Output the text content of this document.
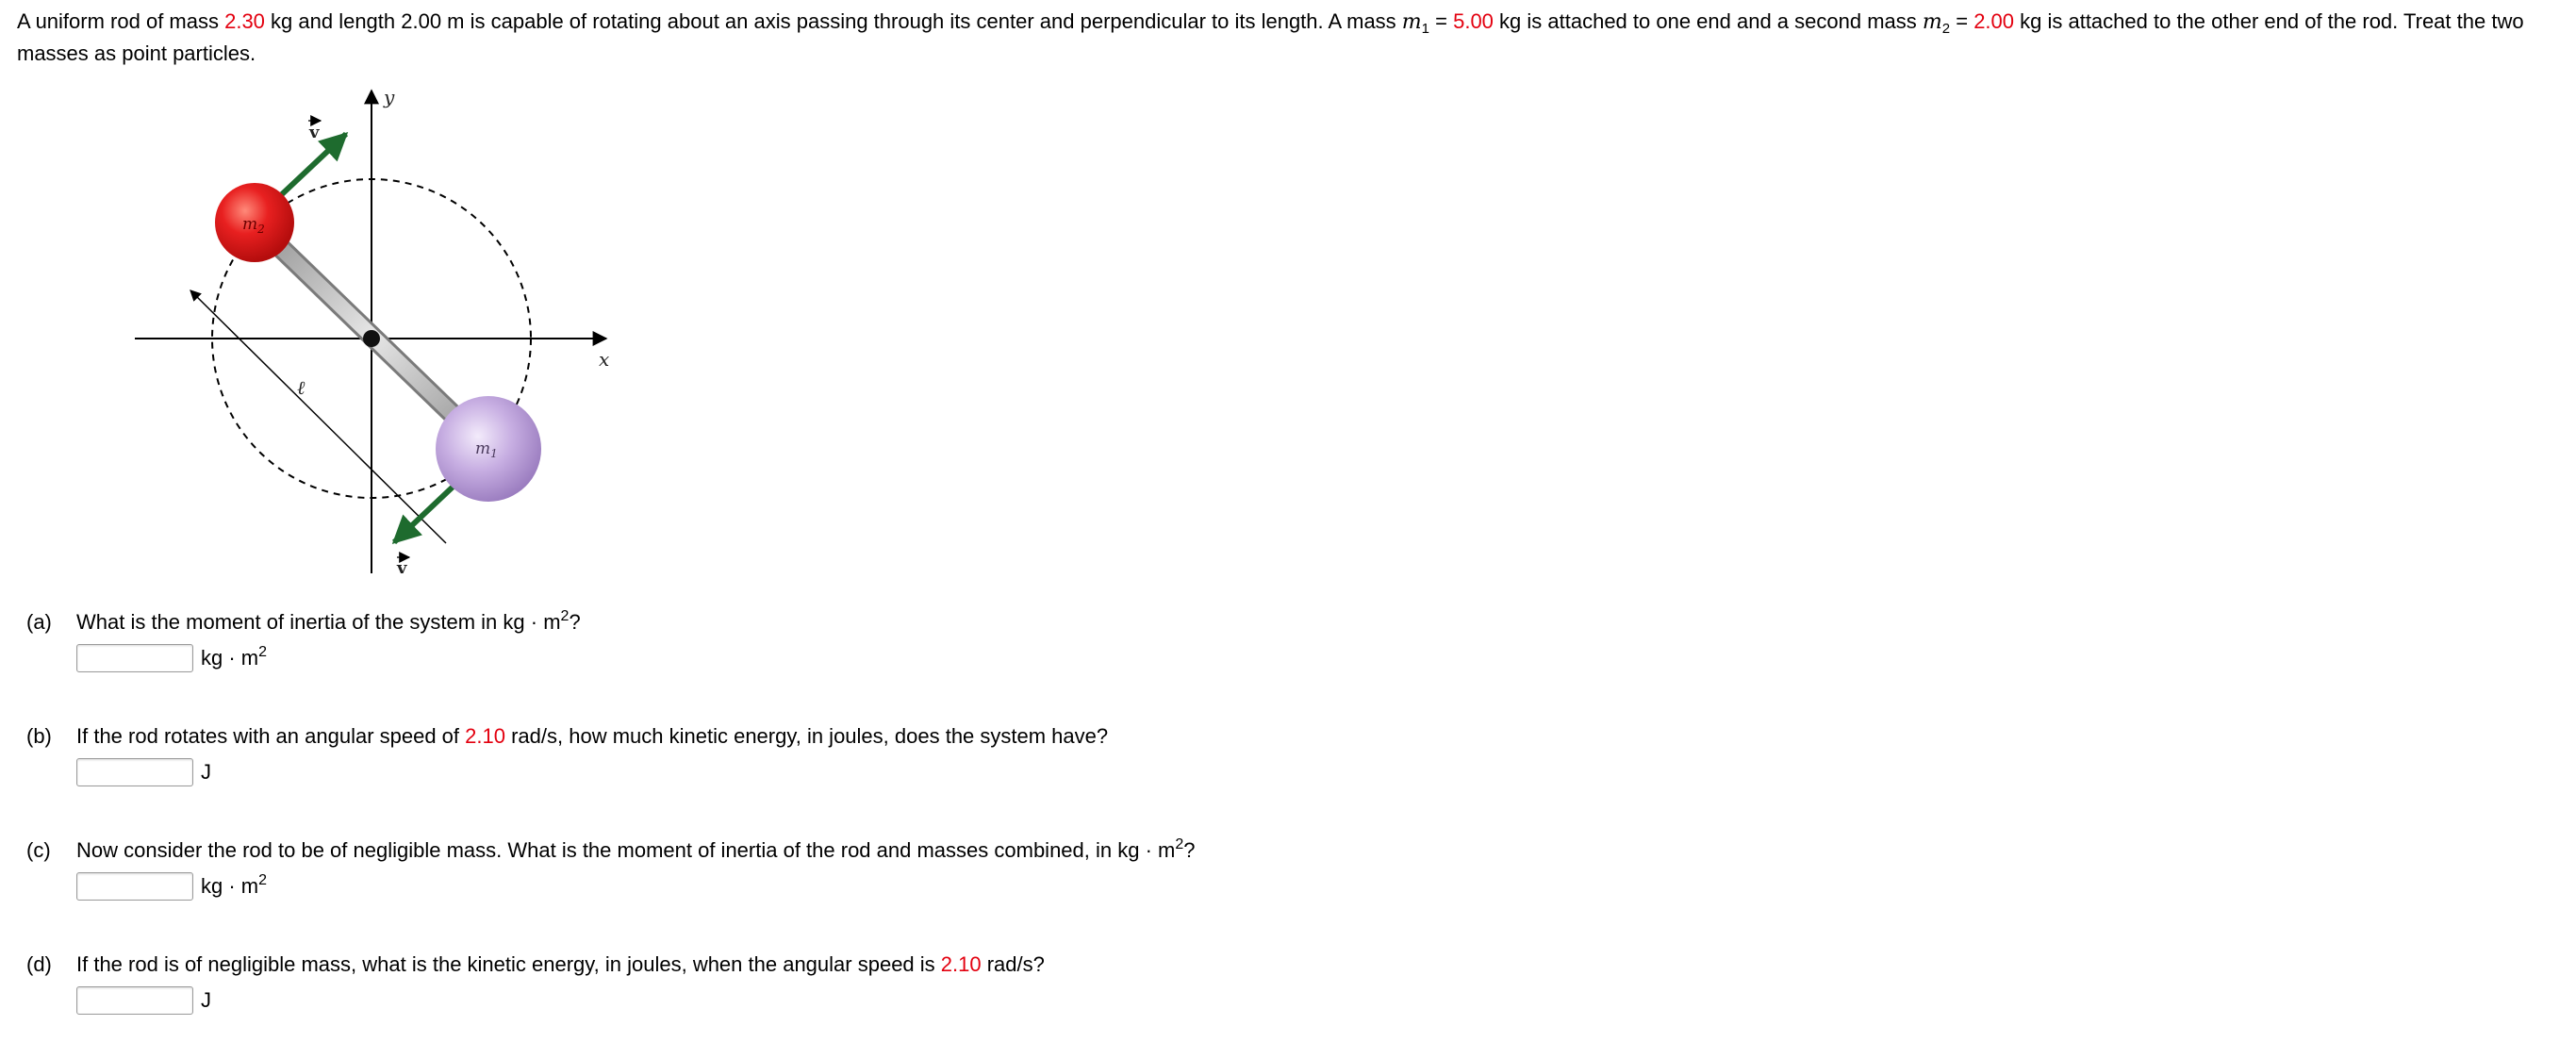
A uniform rod of mass 2.30 kg and length 2.00 m is capable of rotating about an axis passing through its center and perpendicular to its length. A mass $m_1 = 5.00$ kg is attached to one end and a second mass $m_2 = 2.00$ kg is attached to the other end of the rod. Treat the two masses as point particles.
x
y
ℓ
v
v
$m_2$
$m_1$
(a)	What is the moment of inertia of the system in kg · $m^2$?
kg · $m^2$
(b)	If the rod rotates with an angular speed of 2.10 rad/s, how much kinetic energy, in joules, does the system have?
J
(c)	Now consider the rod to be of negligible mass. What is the moment of inertia of the rod and masses combined, in kg · $m^2$?
kg · $m^2$
(d)	If the rod is of negligible mass, what is the kinetic energy, in joules, when the angular speed is 2.10 rad/s?
J
